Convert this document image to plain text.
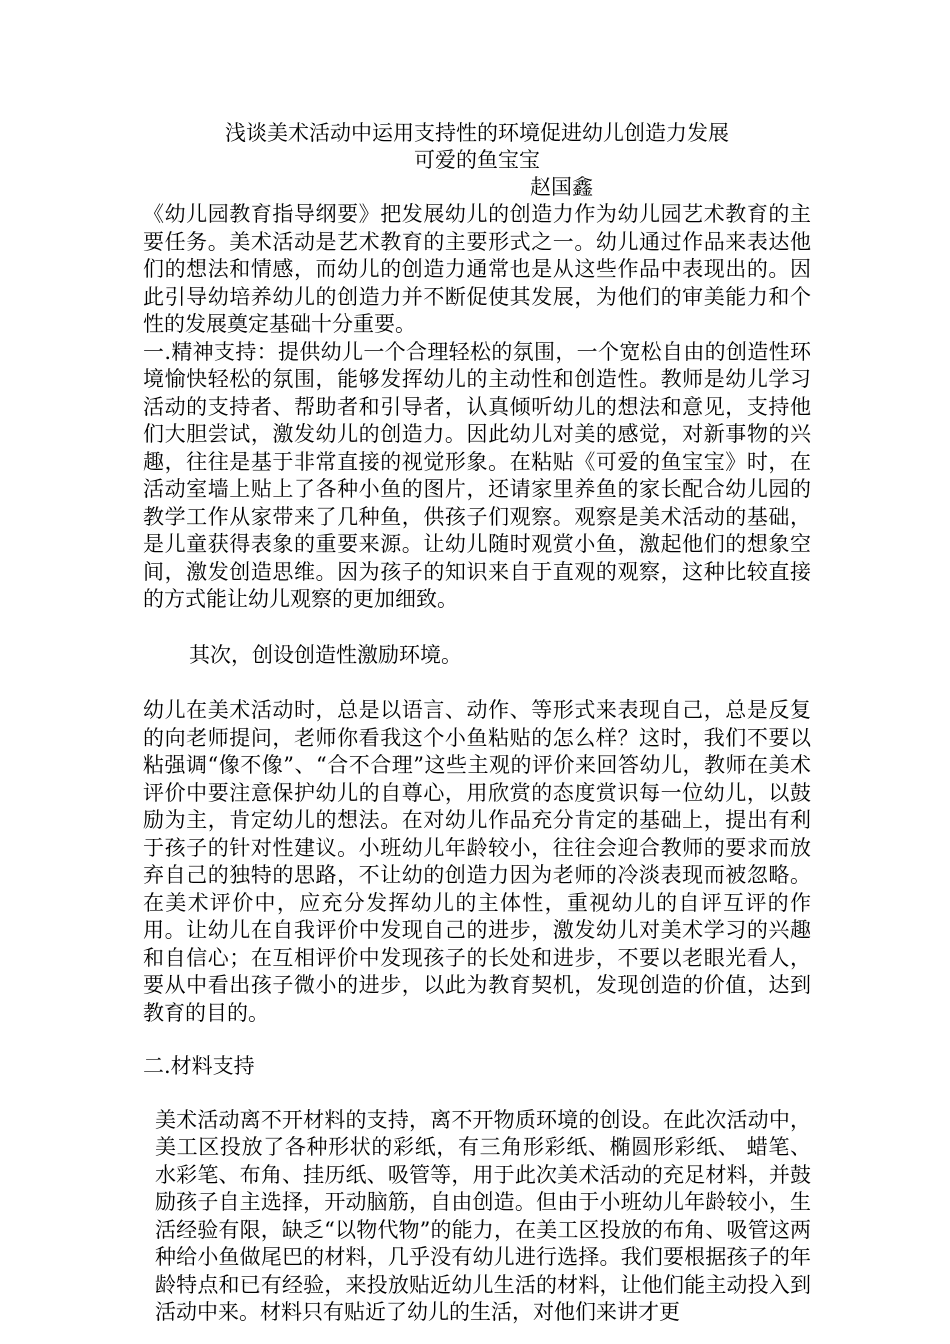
浅谈美术活动中运用支持性的环境促进幼儿创造力发展

可爱的鱼宝宝

赵国鑫

《幼儿园教育指导纲要》把发展幼儿的创造力作为幼儿园艺术教育的主要任务。美术活动是艺术教育的主要形式之一。幼儿通过作品来表达他们的想法和情感，而幼儿的创造力通常也是从这些作品中表现出的。因此引导幼培养幼儿的创造力并不断促使其发展，为他们的审美能力和个性的发展奠定基础十分重要。

一.精神支持：提供幼儿一个合理轻松的氛围，一个宽松自由的创造性环境愉快轻松的氛围，能够发挥幼儿的主动性和创造性。教师是幼儿学习活动的支持者、帮助者和引导者，认真倾听幼儿的想法和意见，支持他们大胆尝试，激发幼儿的创造力。因此幼儿对美的感觉，对新事物的兴趣，往往是基于非常直接的视觉形象。在粘贴《可爱的鱼宝宝》时，在活动室墙上贴上了各种小鱼的图片，还请家里养鱼的家长配合幼儿园的教学工作从家带来了几种鱼，供孩子们观察。观察是美术活动的基础，是儿童获得表象的重要来源。让幼儿随时观赏小鱼，激起他们的想象空间，激发创造思维。因为孩子的知识来自于直观的观察，这种比较直接的方式能让幼儿观察的更加细致。

其次，创设创造性激励环境。

幼儿在美术活动时，总是以语言、动作、等形式来表现自己，总是反复的向老师提问，老师你看我这个小鱼粘贴的怎么样？这时，我们不要以粘强调“像不像”、“合不合理”这些主观的评价来回答幼儿，教师在美术评价中要注意保护幼儿的自尊心，用欣赏的态度赏识每一位幼儿，以鼓励为主，肯定幼儿的想法。在对幼儿作品充分肯定的基础上，提出有利于孩子的针对性建议。小班幼儿年龄较小，往往会迎合教师的要求而放弃自己的独特的思路，不让幼的创造力因为老师的冷淡表现而被忽略。在美术评价中，应充分发挥幼儿的主体性，重视幼儿的自评互评的作用。让幼儿在自我评价中发现自己的进步，激发幼儿对美术学习的兴趣和自信心；在互相评价中发现孩子的长处和进步，不要以老眼光看人，要从中看出孩子微小的进步，以此为教育契机，发现创造的价值，达到教育的目的。

二.材料支持

美术活动离不开材料的支持，离不开物质环境的创设。在此次活动中，美工区投放了各种形状的彩纸，有三角形彩纸、椭圆形彩纸、 蜡笔、水彩笔、布角、挂历纸、吸管等，用于此次美术活动的充足材料，并鼓励孩子自主选择，开动脑筋，自由创造。但由于小班幼儿年龄较小，生活经验有限，缺乏“以物代物”的能力，在美工区投放的布角、吸管这两种给小鱼做尾巴的材料，几乎没有幼儿进行选择。我们要根据孩子的年龄特点和已有经验，来投放贴近幼儿生活的材料，让他们能主动投入到活动中来。材料只有贴近了幼儿的生活，对他们来讲才更
